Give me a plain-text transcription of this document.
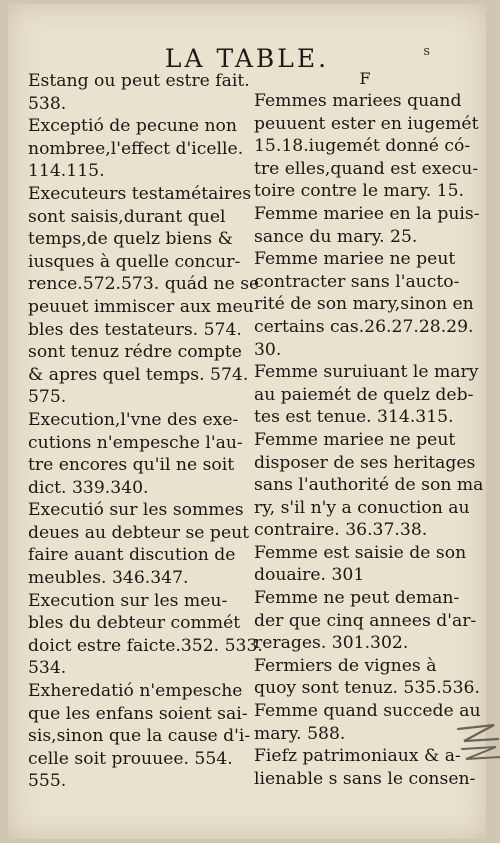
LA TABLE.	s
Estang ou peut estre fait.
538.
Exceptió de pecune non
nombree,l'effect d'icelle.
114.115.
Executeurs testamétaires
sont saisis,durant quel
temps,de quelz biens &
iusques à quelle concur-
rence.572.573. quád ne se
peuuet immiscer aux meu
bles des testateurs. 574.
sont tenuz rédre compte
& apres quel temps. 574.
575.
Execution,l'vne des exe-
cutions n'empesche l'au-
tre encores qu'il ne soit
dict. 339.340.
Executió sur les sommes
deues au debteur se peut
faire auant discution de
meubles. 346.347.
Execution sur les meu-
bles du debteur commét
doict estre faicte.352. 533.
534.
Exheredatió n'empesche
que les enfans soient sai-
sis,sinon que la cause d'i-
celle soit prouuee. 554.
555.
F
Femmes mariees quand
peuuent ester en iugemét
15.18.iugemét donné có-
tre elles,quand est execu-
toire contre le mary. 15.
Femme mariee en la puis-
sance du mary. 25.
Femme mariee ne peut
contracter sans l'aucto-
rité de son mary,sinon en
certains cas.26.27.28.29.
30.
Femme suruiuant le mary
au paiemét de quelz deb-
tes est tenue. 314.315.
Femme mariee ne peut
disposer de ses heritages
sans l'authorité de son ma
ry, s'il n'y a conuction au
contraire. 36.37.38.
Femme est saisie de son
douaire. 301
Femme ne peut deman-
der que cinq annees d'ar-
rerages. 301.302.
Fermiers de vignes à
quoy sont tenuz. 535.536.
Femme quand succede au
mary. 588.
Fiefz patrimoniaux & a-
lienable s sans le consen-
